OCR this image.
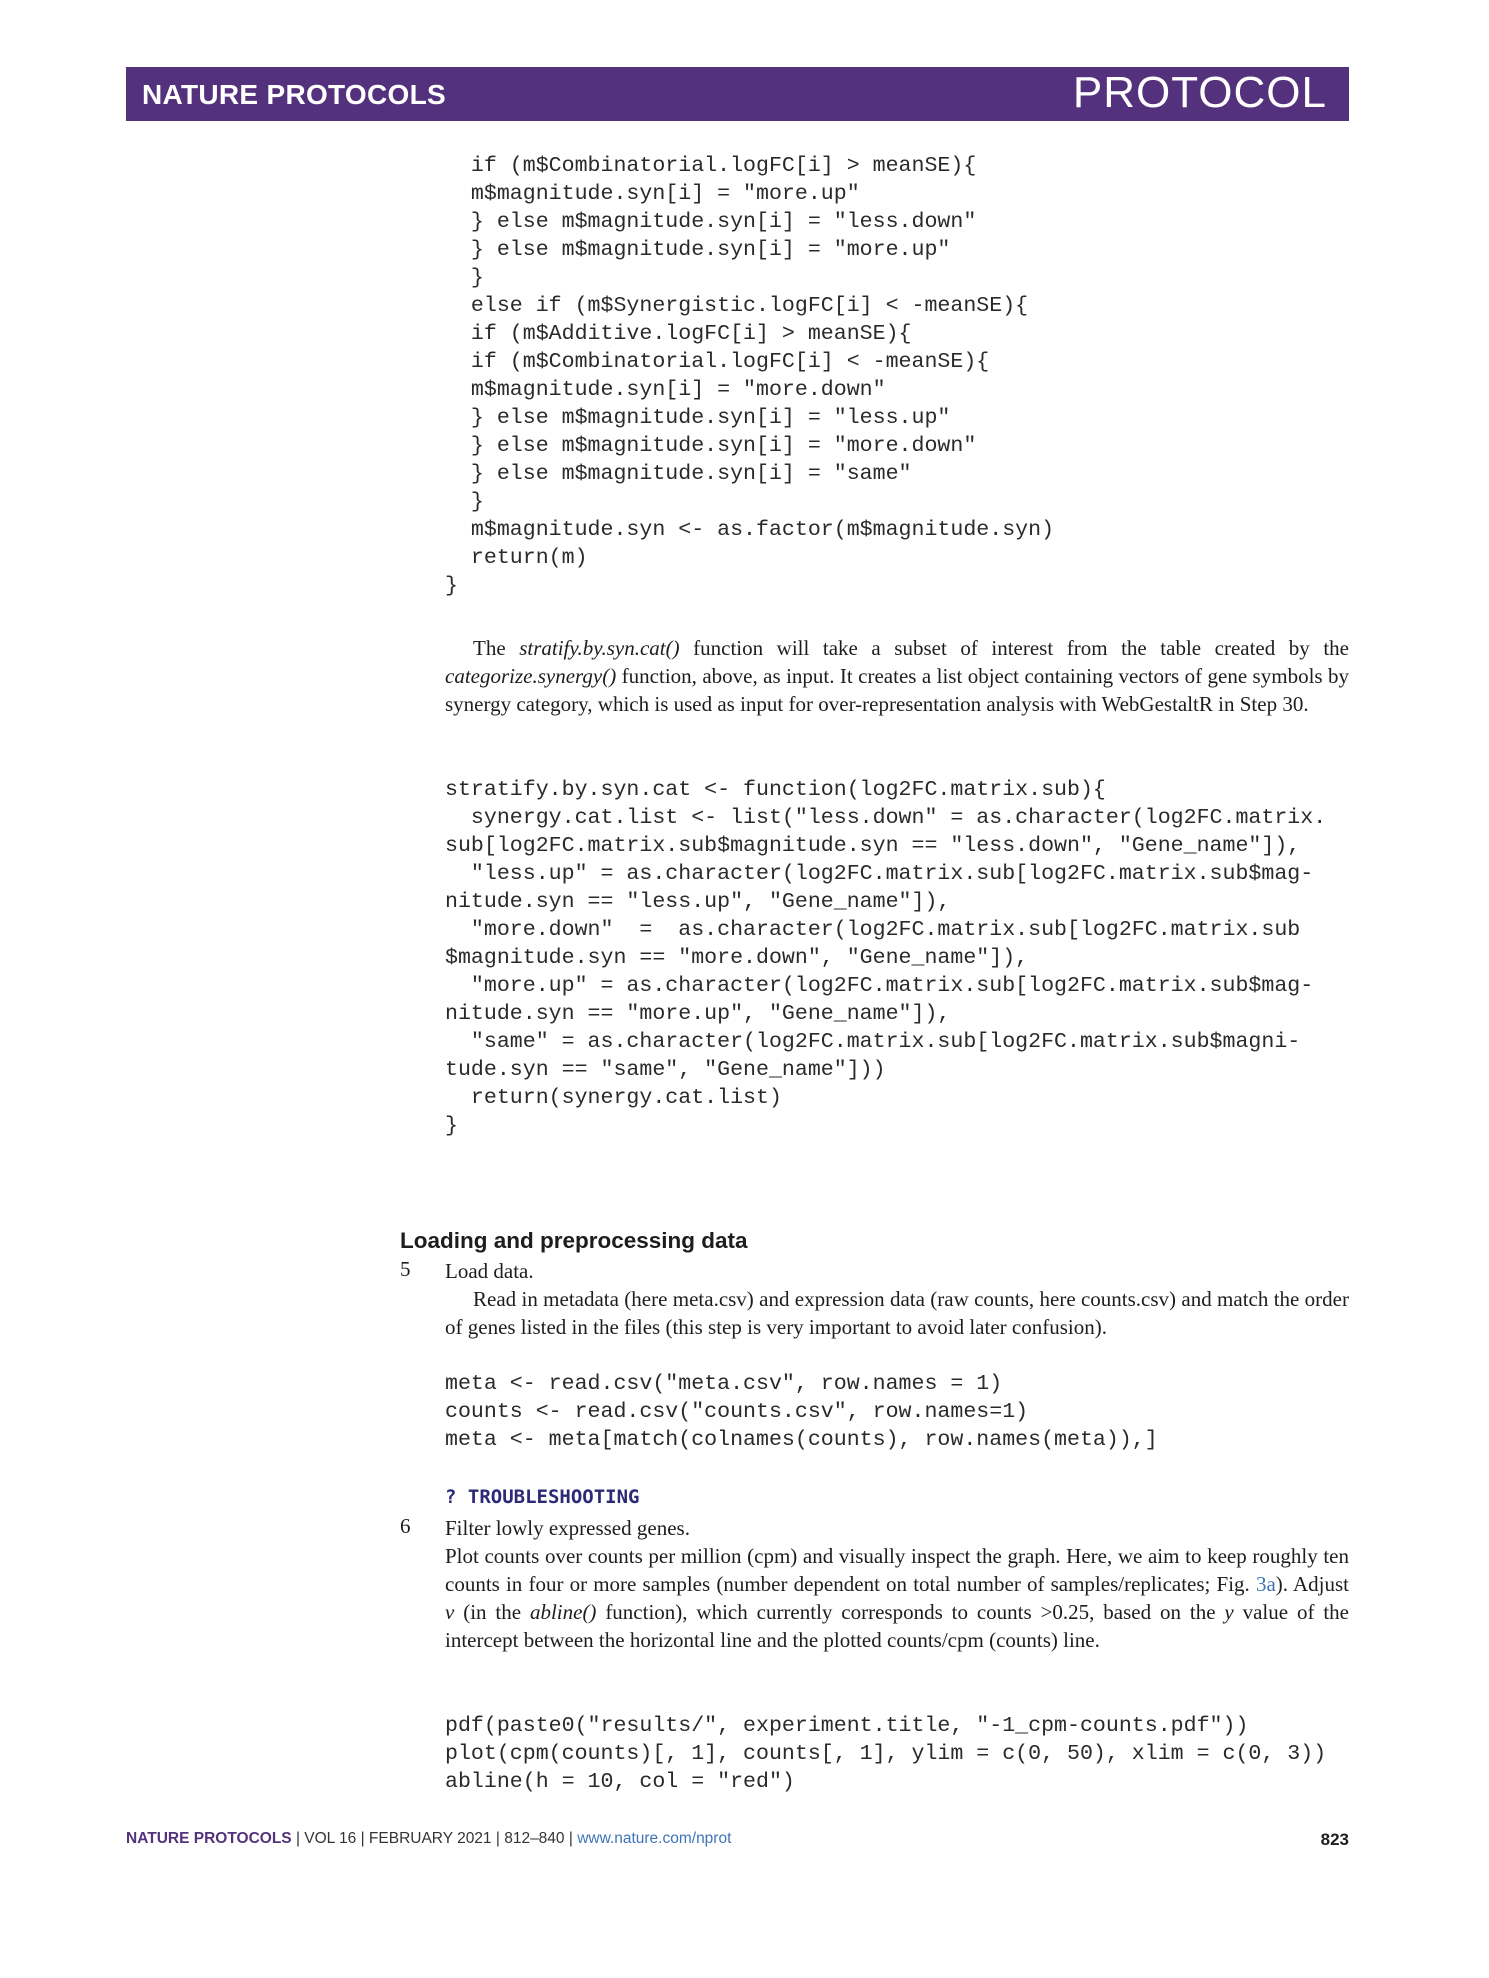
NATURE PROTOCOLS	PROTOCOL
if (m$Combinatorial.logFC[i] > meanSE){
m$magnitude.syn[i] = "more.up"
} else m$magnitude.syn[i] = "less.down"
} else m$magnitude.syn[i] = "more.up"
}
else if (m$Synergistic.logFC[i] < -meanSE){
if (m$Additive.logFC[i] > meanSE){
if (m$Combinatorial.logFC[i] < -meanSE){
m$magnitude.syn[i] = "more.down"
} else m$magnitude.syn[i] = "less.up"
} else m$magnitude.syn[i] = "more.down"
} else m$magnitude.syn[i] = "same"
}
m$magnitude.syn <- as.factor(m$magnitude.syn)
return(m)
}

The stratify.by.syn.cat() function will take a subset of interest from the table created by the categorize.synergy() function, above, as input. It creates a list object containing vectors of gene symbols by synergy category, which is used as input for over-representation analysis with WebGestaltR in Step 30.

stratify.by.syn.cat <- function(log2FC.matrix.sub){
synergy.cat.list <- list("less.down" = as.character(log2FC.matrix.
sub[log2FC.matrix.sub$magnitude.syn == "less.down", "Gene_name"]),
"less.up" = as.character(log2FC.matrix.sub[log2FC.matrix.sub$mag-
nitude.syn == "less.up", "Gene_name"]),
"more.down"  =  as.character(log2FC.matrix.sub[log2FC.matrix.sub
$magnitude.syn == "more.down", "Gene_name"]),
"more.up" = as.character(log2FC.matrix.sub[log2FC.matrix.sub$mag-
nitude.syn == "more.up", "Gene_name"]),
"same" = as.character(log2FC.matrix.sub[log2FC.matrix.sub$magni-
tude.syn == "same", "Gene_name"]))
return(synergy.cat.list)
}
Loading and preprocessing data
5 Load data.

Read in metadata (here meta.csv) and expression data (raw counts, here counts.csv) and match the order of genes listed in the files (this step is very important to avoid later confusion).

meta <- read.csv("meta.csv", row.names = 1)
counts <- read.csv("counts.csv", row.names=1)
meta <- meta[match(colnames(counts), row.names(meta)),]
? TROUBLESHOOTING
6 Filter lowly expressed genes.

Plot counts over counts per million (cpm) and visually inspect the graph. Here, we aim to keep roughly ten counts in four or more samples (number dependent on total number of samples/replicates; Fig. 3a). Adjust v (in the abline() function), which currently corresponds to counts >0.25, based on the y value of the intercept between the horizontal line and the plotted counts/cpm (counts) line.

pdf(paste0("results/", experiment.title, "-1_cpm-counts.pdf"))
plot(cpm(counts)[, 1], counts[, 1], ylim = c(0, 50), xlim = c(0, 3))
abline(h = 10, col = "red")
NATURE PROTOCOLS | VOL 16 | FEBRUARY 2021 | 812–840 | www.nature.com/nprot	823
